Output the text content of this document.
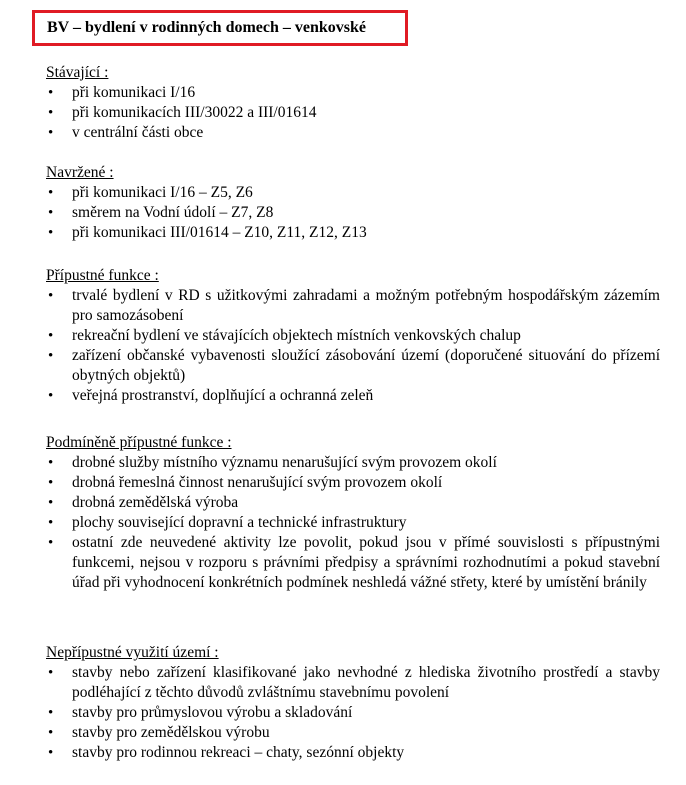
BV – bydlení v rodinných domech – venkovské
Stávající :
• při komunikaci I/16
• při komunikacích III/30022 a III/01614
• v centrální části obce
Navržené :
• při komunikaci I/16 – Z5, Z6
• směrem na Vodní údolí – Z7, Z8
• při komunikaci III/01614 – Z10, Z11, Z12, Z13
Přípustné funkce :
• trvalé bydlení v RD s užitkovými zahradami a možným potřebným hospodářským zázemím pro samozásobení
• rekreační bydlení ve stávajících objektech místních venkovských chalup
• zařízení občanské vybavenosti sloužící zásobování území (doporučené situování do přízemí obytných objektů)
• veřejná prostranství, doplňující a ochranná zeleň
Podmíněně přípustné funkce :
• drobné služby místního významu nenarušující svým provozem okolí
• drobná řemeslná činnost nenarušující svým provozem okolí
• drobná zemědělská výroba
• plochy související dopravní a technické infrastruktury
• ostatní zde neuvedené aktivity lze povolit, pokud jsou v přímé souvislosti s přípustnými funkcemi, nejsou v rozporu s právními předpisy a správními rozhodnutími a pokud stavební úřad při vyhodnocení konkrétních podmínek neshledá vážné střety, které by umístění bránily
Nepřípustné využití území :
• stavby nebo zařízení klasifikované jako nevhodné z hlediska životního prostředí a stavby podléhající z těchto důvodů zvláštnímu stavebnímu povolení
• stavby pro průmyslovou výrobu a skladování
• stavby pro zemědělskou výrobu
• stavby pro rodinnou rekreaci – chaty, sezónní objekty
